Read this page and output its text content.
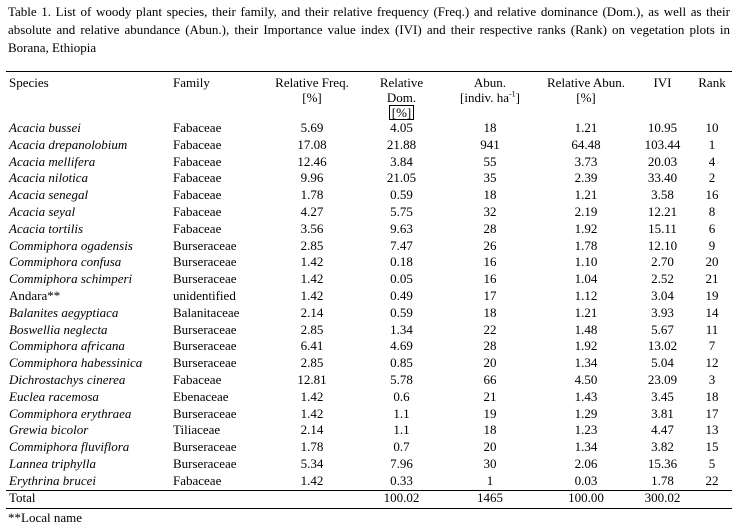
Table 1. List of woody plant species, their family, and their relative frequency (Freq.) and relative dominance (Dom.), as well as their absolute and relative abundance (Abun.), their Importance value index (IVI) and their respective ranks (Rank) on vegetation plots in Borana, Ethiopia
Species	Family	Relative Freq.	Relative	Abun.	Relative Abun.	IVI	Rank
		[%]	Dom.	[indiv. $ha^{-1}$]	[%]		
			[%]				
Acacia bussei	Fabaceae	5.69	4.05	18	1.21	10.95	10
Acacia drepanolobium	Fabaceae	17.08	21.88	941	64.48	103.44	1
Acacia mellifera	Fabaceae	12.46	3.84	55	3.73	20.03	4
Acacia nilotica	Fabaceae	9.96	21.05	35	2.39	33.40	2
Acacia senegal	Fabaceae	1.78	0.59	18	1.21	3.58	16
Acacia seyal	Fabaceae	4.27	5.75	32	2.19	12.21	8
Acacia tortilis	Fabaceae	3.56	9.63	28	1.92	15.11	6
Commiphora ogadensis	Burseraceae	2.85	7.47	26	1.78	12.10	9
Commiphora confusa	Burseraceae	1.42	0.18	16	1.10	2.70	20
Commiphora schimperi	Burseraceae	1.42	0.05	16	1.04	2.52	21
Andara**	unidentified	1.42	0.49	17	1.12	3.04	19
Balanites aegyptiaca	Balanitaceae	2.14	0.59	18	1.21	3.93	14
Boswellia neglecta	Burseraceae	2.85	1.34	22	1.48	5.67	11
Commiphora africana	Burseraceae	6.41	4.69	28	1.92	13.02	7
Commiphora habessinica	Burseraceae	2.85	0.85	20	1.34	5.04	12
Dichrostachys cinerea	Fabaceae	12.81	5.78	66	4.50	23.09	3
Euclea racemosa	Ebenaceae	1.42	0.6	21	1.43	3.45	18
Commiphora erythraea	Burseraceae	1.42	1.1	19	1.29	3.81	17
Grewia bicolor	Tiliaceae	2.14	1.1	18	1.23	4.47	13
Commiphora fluviflora	Burseraceae	1.78	0.7	20	1.34	3.82	15
Lannea triphylla	Burseraceae	5.34	7.96	30	2.06	15.36	5
Erythrina brucei	Fabaceae	1.42	0.33	1	0.03	1.78	22
Total			100.02	1465	100.00	300.02	
**Local name
